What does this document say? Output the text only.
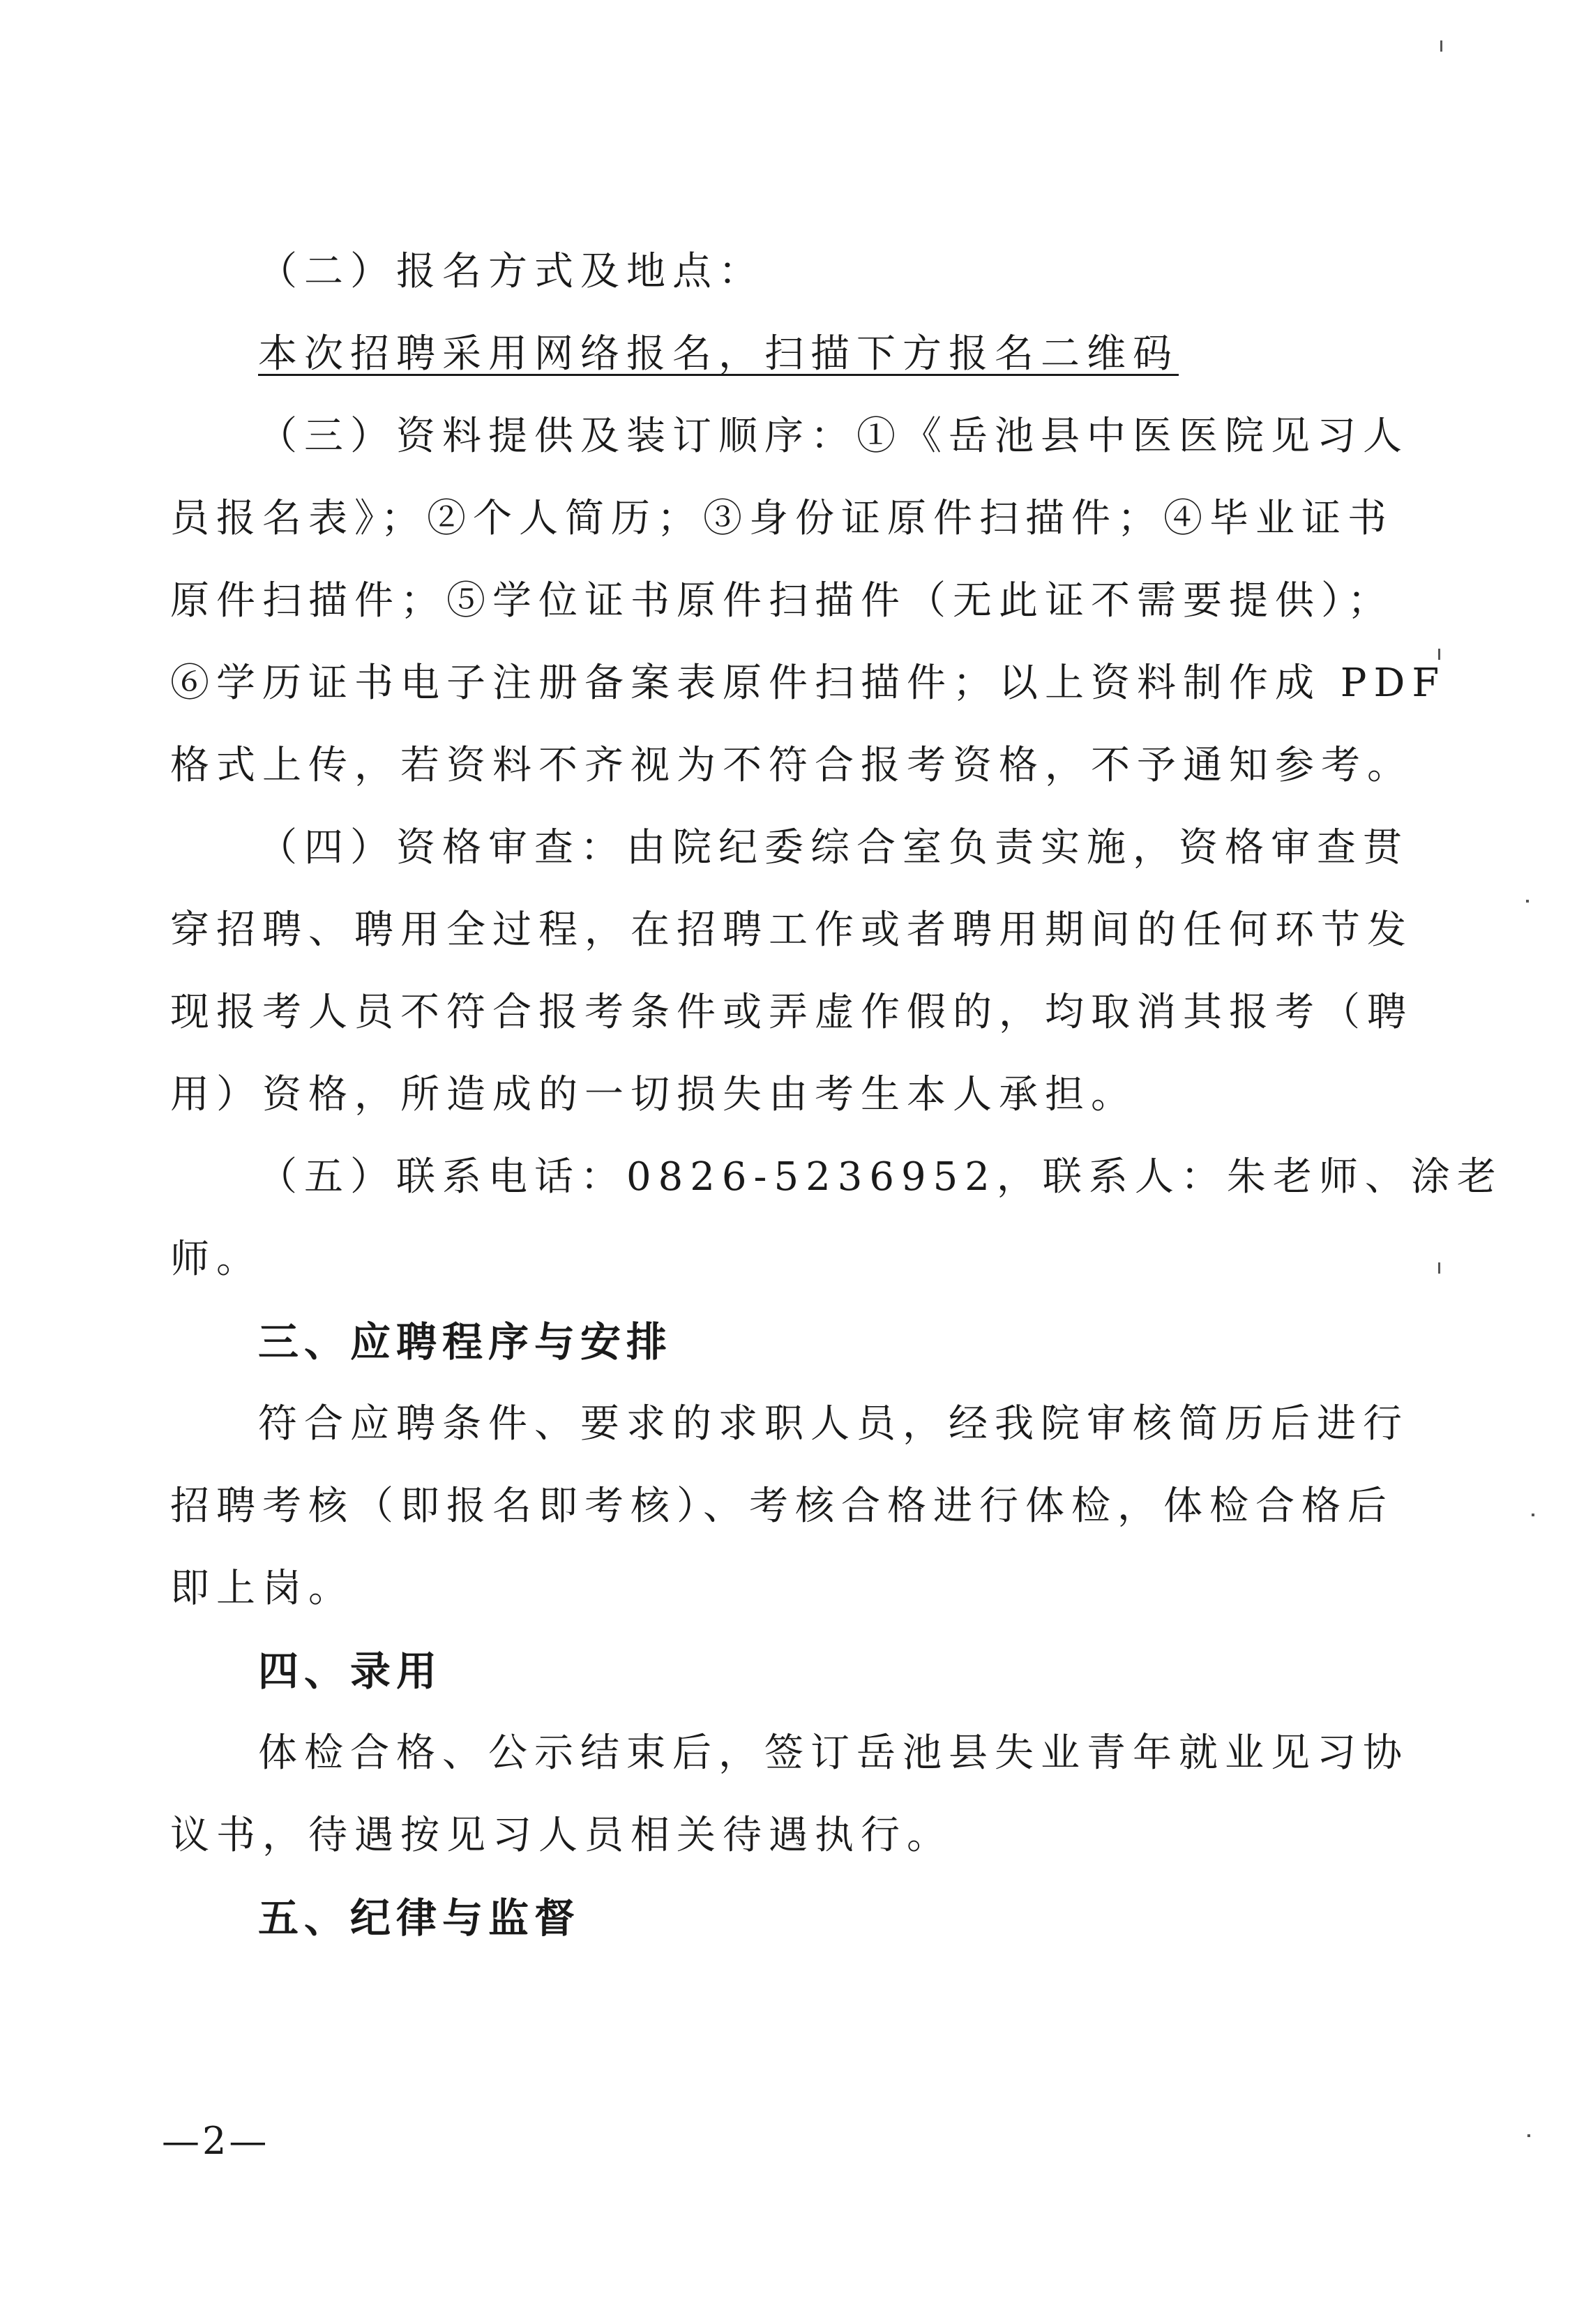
（二）报名方式及地点：
本次招聘采用网络报名，扫描下方报名二维码
（三）资料提供及装订顺序：①《岳池县中医医院见习人
员报名表》；②个人简历；③身份证原件扫描件；④毕业证书
原件扫描件；⑤学位证书原件扫描件（无此证不需要提供）；
⑥学历证书电子注册备案表原件扫描件；以上资料制作成 PDF
格式上传，若资料不齐视为不符合报考资格，不予通知参考。
（四）资格审查：由院纪委综合室负责实施，资格审查贯
穿招聘、聘用全过程，在招聘工作或者聘用期间的任何环节发
现报考人员不符合报考条件或弄虚作假的，均取消其报考（聘
用）资格，所造成的一切损失由考生本人承担。
（五）联系电话：0826-5236952，联系人：朱老师、涂老
师。
三、应聘程序与安排
符合应聘条件、要求的求职人员，经我院审核简历后进行
招聘考核（即报名即考核）、考核合格进行体检，体检合格后
即上岗。
四、录用
体检合格、公示结束后，签订岳池县失业青年就业见习协
议书，待遇按见习人员相关待遇执行。
五、纪律与监督
—2—
